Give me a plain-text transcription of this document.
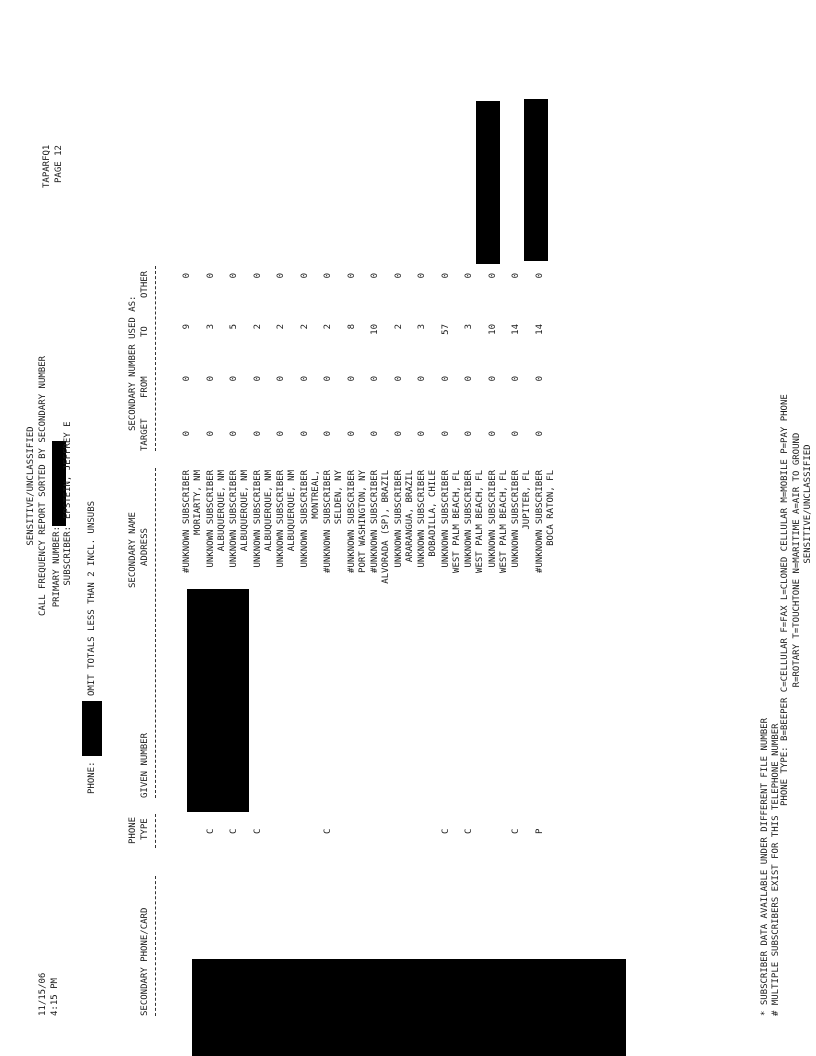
11/15/06 4:15 PM
SENSITIVE/UNCLASSIFIED CALL FREQUENCY REPORT SORTED BY SECONDARY NUMBER
TAPARFQ1 PAGE 12
PRIMARY NUMBER: SUBSCRIBER:
EPSTEIN, JEFFREY E
PHONE:
OMIT TOTALS LESS THAN 2 INCL. UNSUBS
SECONDARY PHONE/CARD
PHONE TYPE
GIVEN NUMBER
SECONDARY NAME ADDRESS
SECONDARY NUMBER USED AS:
TARGET
FROM
TO
OTHER
#UNKNOWN SUBSCRIBER MORIARTY, NM
0
0
9
0
C
UNKNOWN SUBSCRIBER ALBUQUERQUE, NM
0
0
3
0
C
UNKNOWN SUBSCRIBER ALBUQUERQUE, NM
0
0
5
0
C
UNKNOWN SUBSCRIBER ALBUQUERQUE, NM
0
0
2
0
UNKNOWN SUBSCRIBER ALBUQUERQUE, NM
0
0
2
0
UNKNOWN SUBSCRIBER MONTREAL,
0
0
2
0
C
#UNKNOWN SUBSCRIBER SELDEN, NY
0
0
2
0
#UNKNOWN SUBSCRIBER PORT WASHINGTON, NY
0
0
8
0
#UNKNOWN SUBSCRIBER ALVORADA (SP), BRAZIL
0
0
10
0
UNKNOWN SUBSCRIBER ARARANGUA, BRAZIL
0
0
2
0
UNKNOWN SUBSCRIBER BOBADILLA, CHILE
0
0
3
0
C
UNKNOWN SUBSCRIBER WEST PALM BEACH, FL
0
0
57
0
C
UNKNOWN SUBSCRIBER WEST PALM BEACH, FL
0
0
3
0
UNKNOWN SUBSCRIBER WEST PALM BEACH, FL
0
0
10
0
C
UNKNOWN SUBSCRIBER JUPITER, FL
0
0
14
0
P
#UNKNOWN SUBSCRIBER BOCA RATON, FL
0
0
14
0
* SUBSCRIBER DATA AVAILABLE UNDER DIFFERENT FILE NUMBER # MULTIPLE SUBSCRIBERS EXIST FOR THIS TELEPHONE NUMBER
PHONE TYPE: B=BEEPER C=CELLULAR F=FAX L=CLONED CELLULAR M=MOBILE P=PAY PHONE R=ROTARY T=TOUCHTONE N=MARITIME A=AIR TO GROUND SENSITIVE/UNCLASSIFIED
